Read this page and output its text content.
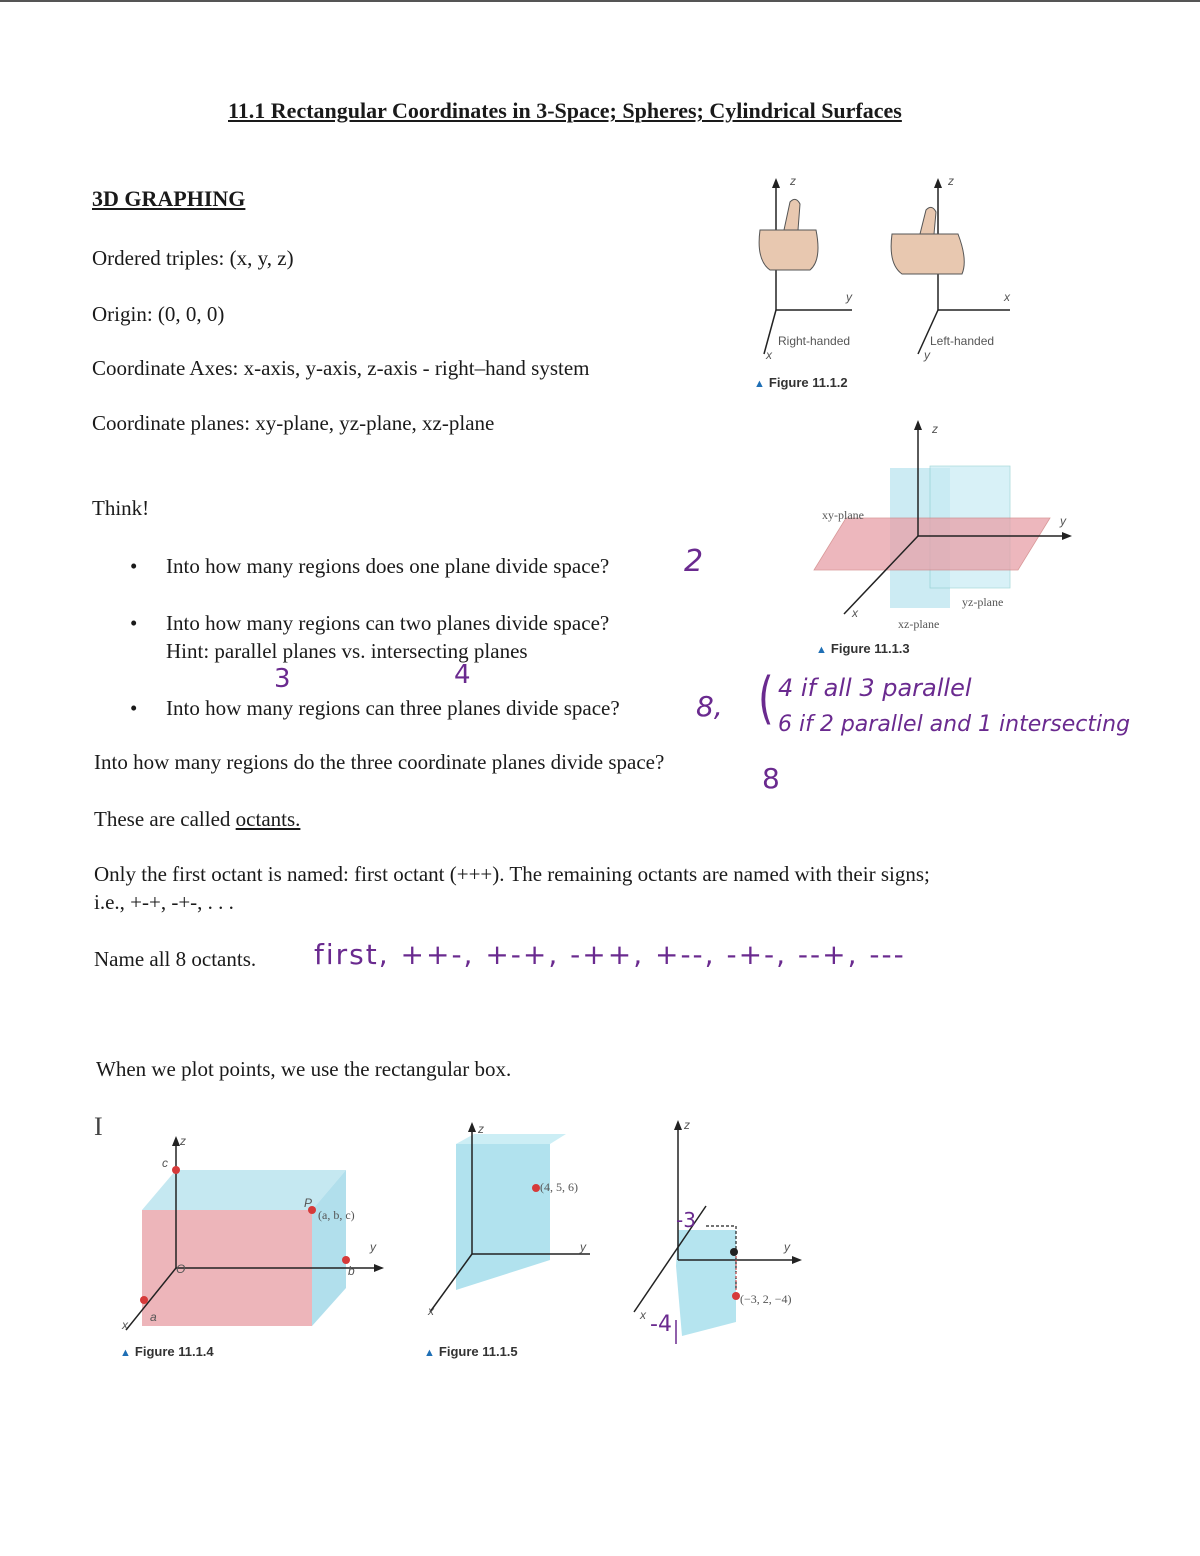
11.1 Rectangular Coordinates in 3-Space; Spheres; Cylindrical Surfaces
3D GRAPHING
Ordered triples: (x, y, z)
Origin: (0, 0, 0)
Coordinate Axes: x-axis, y-axis, z-axis - right–hand system
Coordinate planes: xy-plane, yz-plane, xz-plane
Think!
• Into how many regions does one plane divide space? 2
• Into how many regions can two planes divide space?
Hint: parallel planes vs. intersecting planes
3	4
• Into how many regions can three planes divide space?	8, ( 4 if all 3 parallel
6 if 2 parallel and 1 intersecting
Into how many regions do the three coordinate planes divide space?	8
These are called octants.
Only the first octant is named: first octant (+++). The remaining octants are named with their signs;
i.e., +-+, -+-, . . .
Name all 8 octants. first, ++-, +-+, -++, +--, -+-, --+, ---
When we plot points, we use the rectangular box.
I
Right-handed	Left-handed
z	z
y	x
x	y
▲ Figure 11.1.2
z
y
x
xy-plane
yz-plane
xz-plane
▲ Figure 11.1.3
z
y
x
c
O	b
a
P
(a, b, c)
▲ Figure 11.1.4
z
y
x
(4, 5, 6)
▲ Figure 11.1.5
z
y
x
(−3, 2, −4)
-3
-4
